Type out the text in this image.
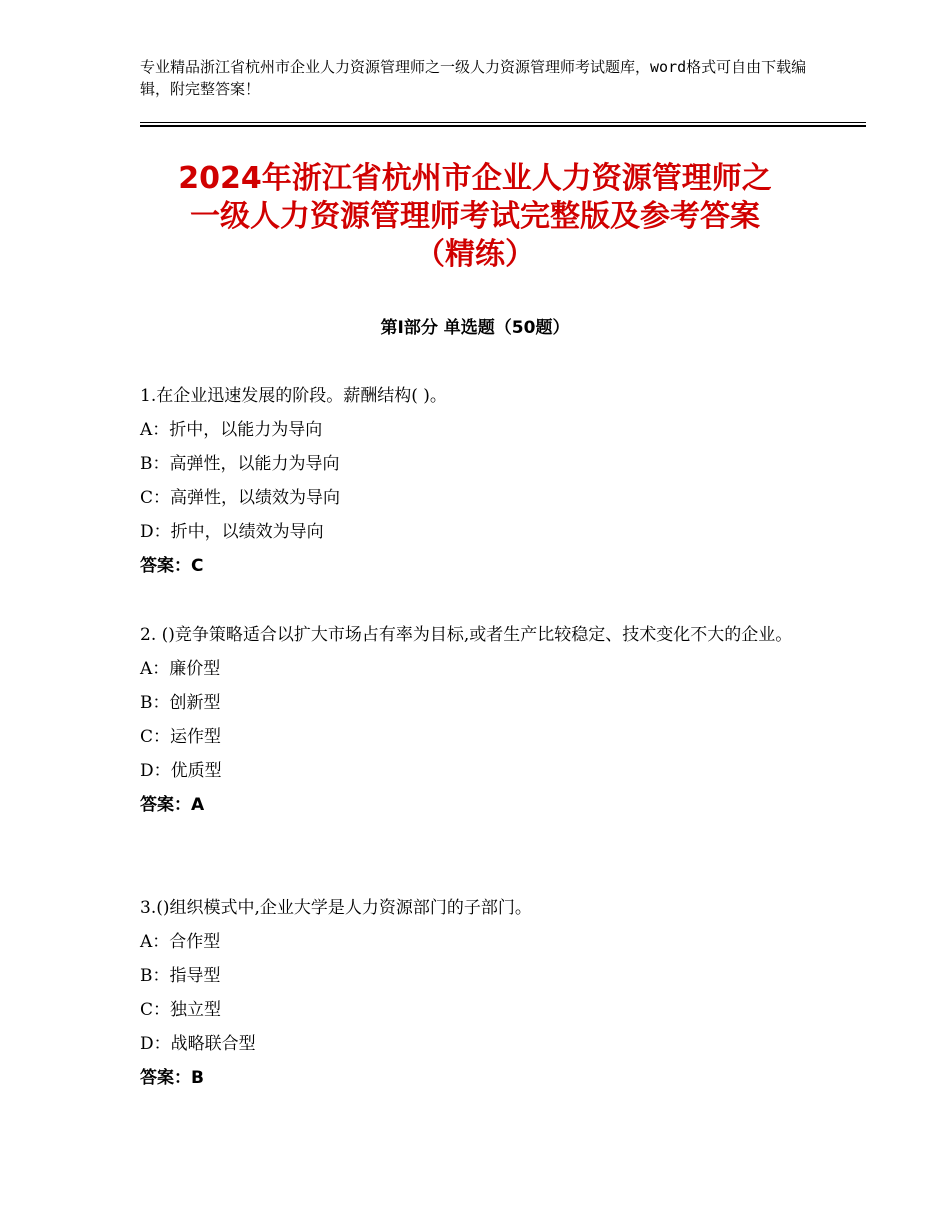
专业精品浙江省杭州市企业人力资源管理师之一级人力资源管理师考试题库，word格式可自由下载编辑，附完整答案！
2024年浙江省杭州市企业人力资源管理师之
一级人力资源管理师考试完整版及参考答案
（精练）
第Ⅰ部分 单选题（50题）

1.在企业迅速发展的阶段。薪酬结构( )。

A：折中，以能力为导向

B：高弹性，以能力为导向

C：高弹性，以绩效为导向

D：折中，以绩效为导向

答案：C

2. ()竞争策略适合以扩大市场占有率为目标,或者生产比较稳定、技术变化不大的企业。

A：廉价型

B：创新型

C：运作型

D：优质型

答案：A

3.()组织模式中,企业大学是人力资源部门的子部门。

A：合作型

B：指导型

C：独立型

D：战略联合型

答案：B
